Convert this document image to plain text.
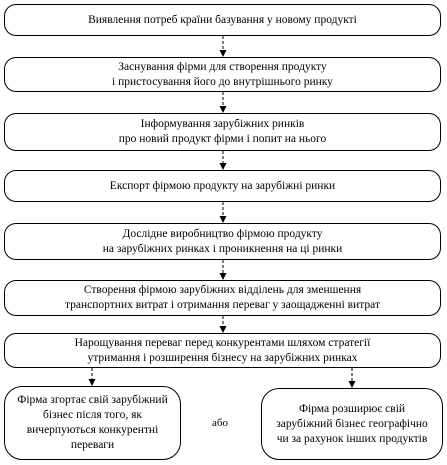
Виявлення потреб країни базування у новому продукті
Заснування фірми для створення продукту
і пристосування його до внутрішнього ринку
Інформування зарубіжних ринків
про новий продукт фірми і попит на нього
Експорт фірмою продукту на зарубіжні ринки
Дослідне виробництво фірмою продукту
на зарубіжних ринках і проникнення на ці ринки
Створення фірмою зарубіжних відділень для зменшення
транспортних витрат і отримання переваг у заощадженні витрат
Нарощування переваг перед конкурентами шляхом стратегії
утримання і розширення бізнесу на зарубіжних ринках
Фірма згортає свій зарубіжний
бізнес після того, як
вичерпуються конкурентні
переваги
або
Фірма розширює свій
зарубіжний бізнес географічно
чи за рахунок інших продуктів
